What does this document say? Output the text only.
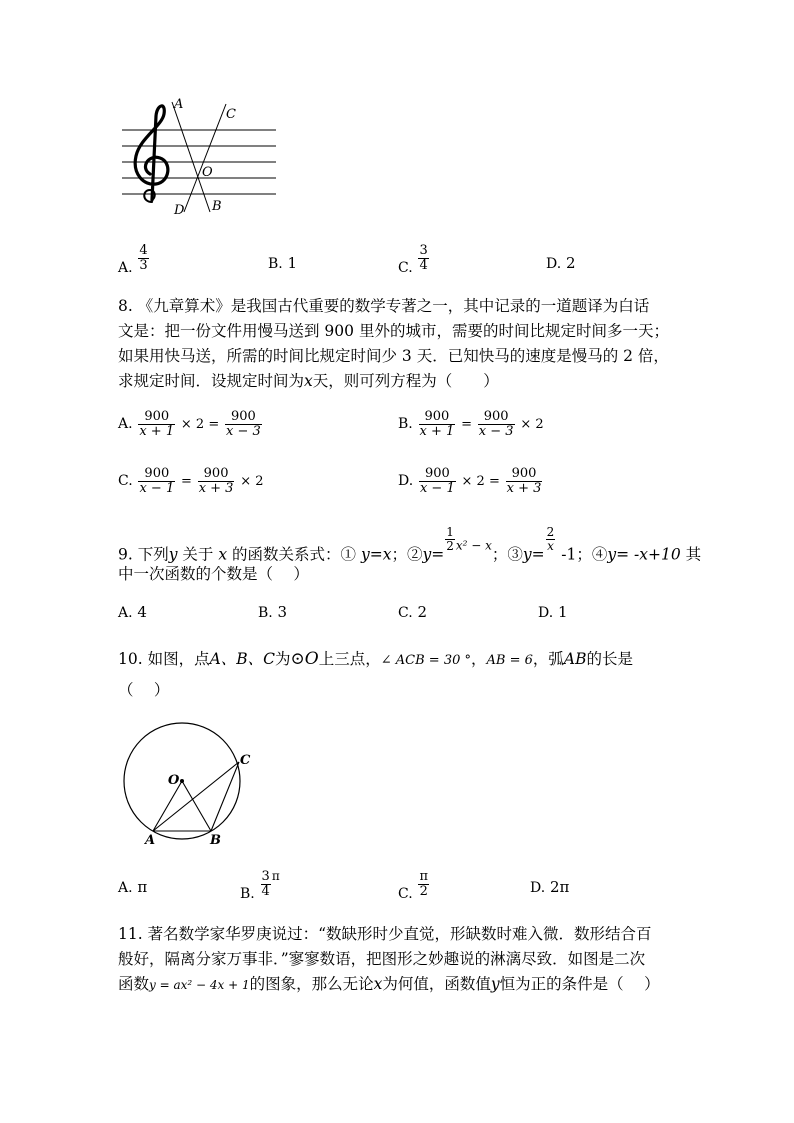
A
C
O
D B
A. $\frac{4}{3}$	B. 1	C. $\frac{3}{4}$	D. 2
8. 《九章算术》是我国古代重要的数学专著之一，其中记录的一道题译为白话
文是：把一份文件用慢马送到 900 里外的城市，需要的时间比规定时间多一天；
如果用快马送，所需的时间比规定时间少 3 天．已知快马的速度是慢马的 2 倍，
求规定时间．设规定时间为x天，则可列方程为（　　）
A. $\frac{900}{x + 1} \times 2 = \frac{900}{x - 3}$	B. $\frac{900}{x + 1} = \frac{900}{x - 3} \times 2$
C. $\frac{900}{x - 1} = \frac{900}{x + 3} \times 2$	D. $\frac{900}{x - 1} \times 2 = \frac{900}{x + 3}$
9. 下列y 关于 x 的函数关系式：① y=x；②y=
$\frac{1}{2} ^{x^2 - x}$；③y=
$\frac{2}{x}$
-1；④y= -x+10 其
中一次函数的个数是（　 ）
A. 4	B. 3	C. 2	D. 1
10. 如图，点A、B、C为⊙O上三点，∠ ACB = 30 °，AB = 6，弧AB的长是
（　 ）
O
C
A	B
A. π	B. $\frac{3}{4}$ π
C. $\frac{\pi}{2}$	D. 2π
11. 著名数学家华罗庚说过：“数缺形时少直觉，形缺数时难入微．数形结合百
般好，隔离分家万事非．”寥寥数语，把图形之妙趣说的淋漓尽致．如图是二次
函数y = ax² − 4x + 1的图象，那么无论x为何值，函数值y恒为正的条件是（　 ）
